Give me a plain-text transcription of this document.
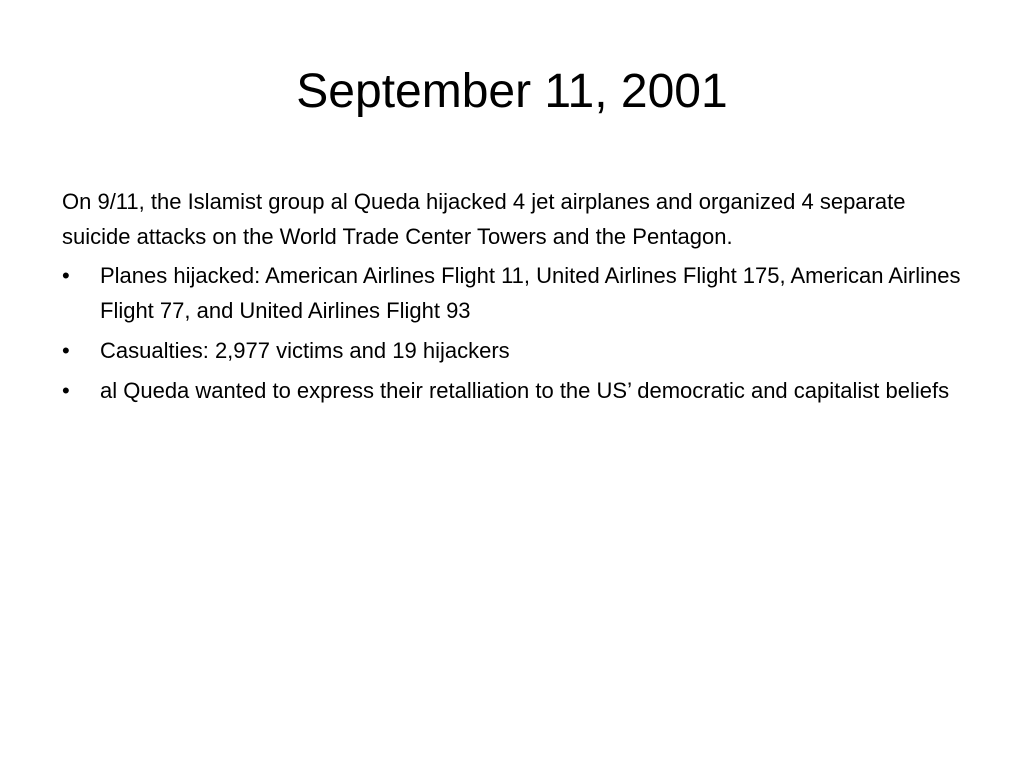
September 11, 2001

On 9/11, the Islamist group al Queda hijacked 4 jet airplanes and organized 4 separate suicide attacks on the World Trade Center Towers and the Pentagon.

•	Planes hijacked: American Airlines Flight 11, United Airlines Flight 175, American Airlines Flight 77, and United Airlines Flight 93
•	Casualties: 2,977 victims and 19 hijackers
•	al Queda wanted to express their retalliation to the US’ democratic and capitalist beliefs
